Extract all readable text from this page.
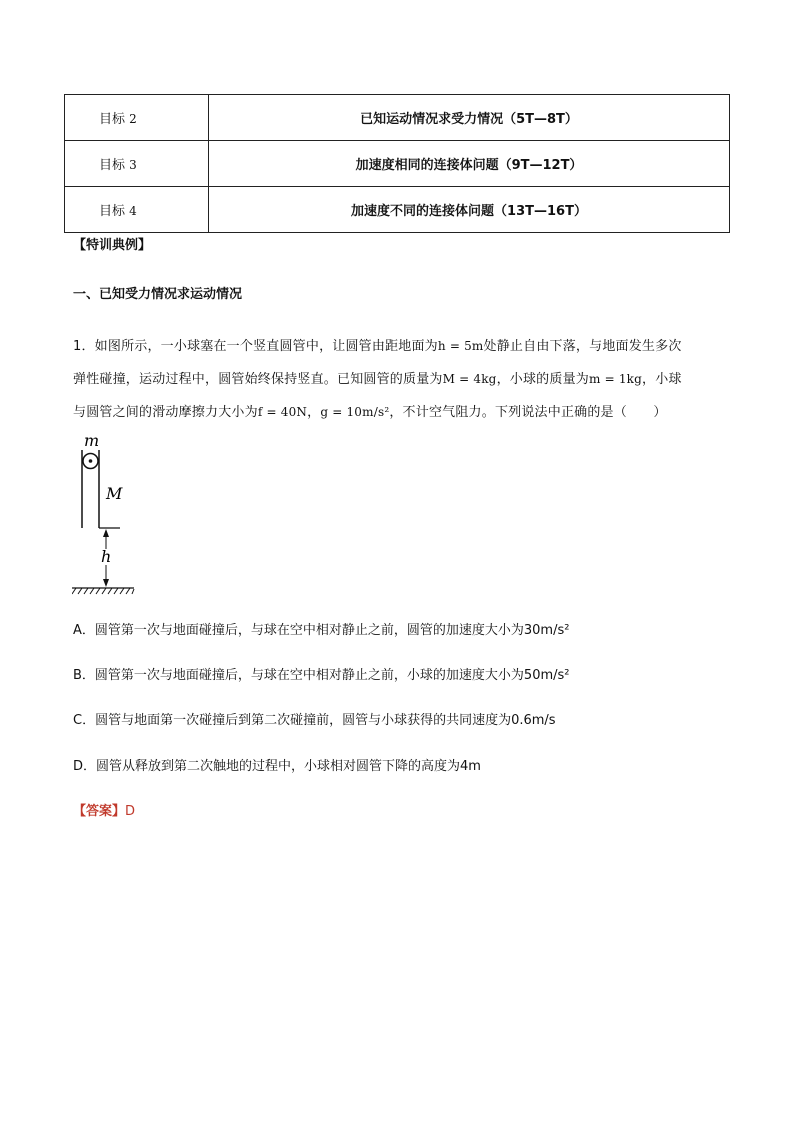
目标 2	已知运动情况求受力情况（5T—8T）
目标 3	加速度相同的连接体问题（9T—12T）
目标 4	加速度不同的连接体问题（13T—16T）
【特训典例】
一、已知受力情况求运动情况
1．如图所示，一小球塞在一个竖直圆管中，让圆管由距地面为h = 5m处静止自由下落，与地面发生多次弹性碰撞，运动过程中，圆管始终保持竖直。已知圆管的质量为M = 4kg，小球的质量为m = 1kg，小球与圆管之间的滑动摩擦力大小为f = 40N，g = 10m/s²，不计空气阻力。下列说法中正确的是（　　）
m
M
h
A．圆管第一次与地面碰撞后，与球在空中相对静止之前，圆管的加速度大小为30m/s²
B．圆管第一次与地面碰撞后，与球在空中相对静止之前，小球的加速度大小为50m/s²
C．圆管与地面第一次碰撞后到第二次碰撞前，圆管与小球获得的共同速度为0.6m/s
D．圆管从释放到第二次触地的过程中，小球相对圆管下降的高度为4m
【答案】D
